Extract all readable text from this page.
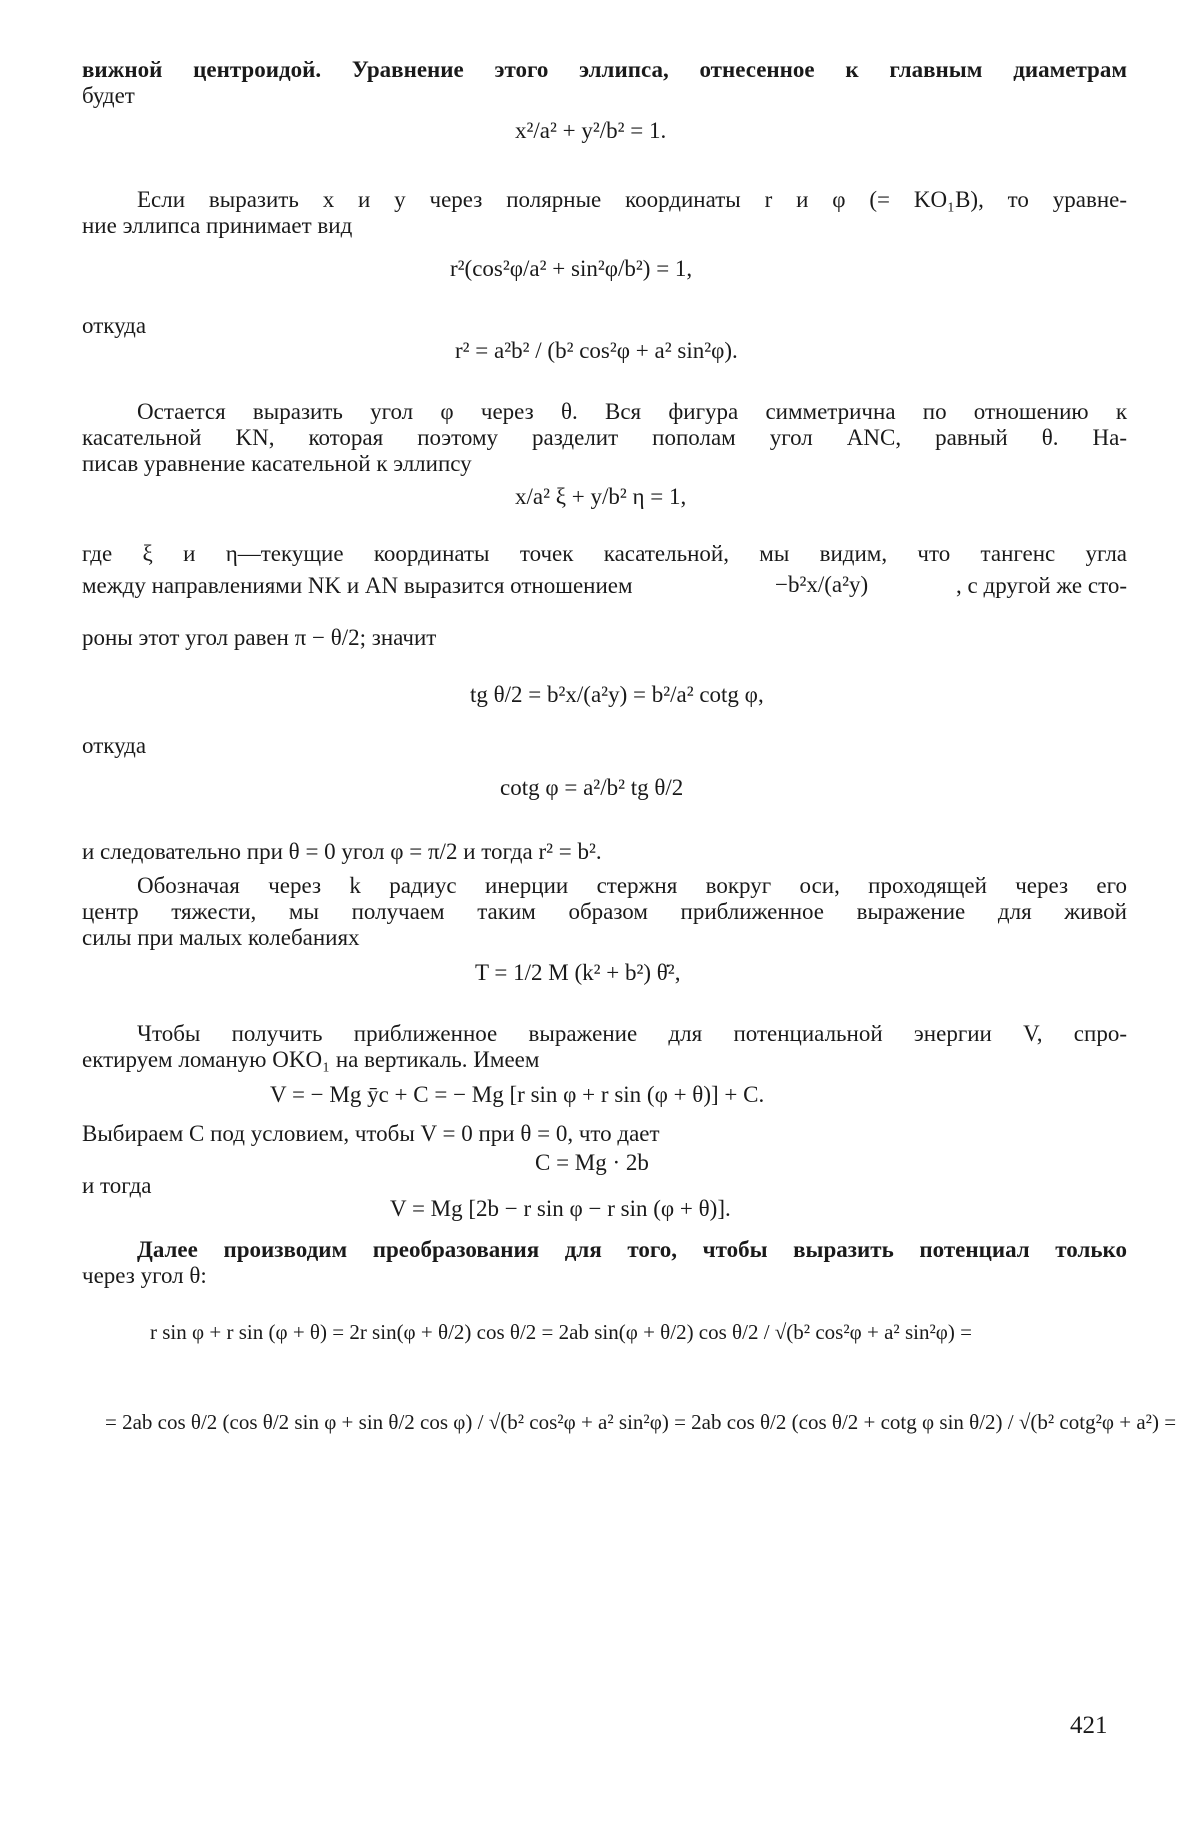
вижной центроидой. Уравнение этого эллипса, отнесенное к главным диаметрам
будет
x²/a² + y²/b² = 1.
Если выразить x и y через полярные координаты r и φ (= KO₁B), то уравне-
ние эллипса принимает вид
r²(cos²φ/a² + sin²φ/b²) = 1,
откуда
r² = a²b² / (b² cos²φ + a² sin²φ).
Остается выразить угол φ через θ. Вся фигура симметрична по отношению к
касательной KN, которая поэтому разделит пополам угол ANC, равный θ. На-
писав уравнение касательной к эллипсу
x/a² ξ + y/b² η = 1,
где ξ и η—текущие координаты точек касательной, мы видим, что тангенс угла
между направлениями NK и AN выразится отношением	−b²x/(a²y)	, с другой же сто-
роны этот угол равен π − θ/2; значит
tg θ/2 = b²x/(a²y) = b²/a² cotg φ,
откуда
cotg φ = a²/b² tg θ/2
и следовательно при θ = 0 угол φ = π/2 и тогда r² = b².
Обозначая через k радиус инерции стержня вокруг оси, проходящей через его
центр тяжести, мы получаем таким образом приближенное выражение для живой
силы при малых колебаниях
T = 1/2 M (k² + b²) θ̇²,
Чтобы получить приближенное выражение для потенциальной энергии V, спро-
ектируем ломаную OKO₁ на вертикаль. Имеем
V = − Mg ȳc + C = − Mg [r sin φ + r sin (φ + θ)] + C.
Выбираем C под условием, чтобы V = 0 при θ = 0, что дает
C = Mg · 2b
и тогда
V = Mg [2b − r sin φ − r sin (φ + θ)].
Далее производим преобразования для того, чтобы выразить потенциал только
через угол θ:
r sin φ + r sin (φ + θ) = 2r sin(φ + θ/2) cos θ/2 = 2ab sin(φ + θ/2) cos θ/2 / √(b² cos²φ + a² sin²φ) =
= 2ab cos θ/2 (cos θ/2 sin φ + sin θ/2 cos φ) / √(b² cos²φ + a² sin²φ) = 2ab cos θ/2 (cos θ/2 + cotg φ sin θ/2) / √(b² cotg²φ + a²) =
421
